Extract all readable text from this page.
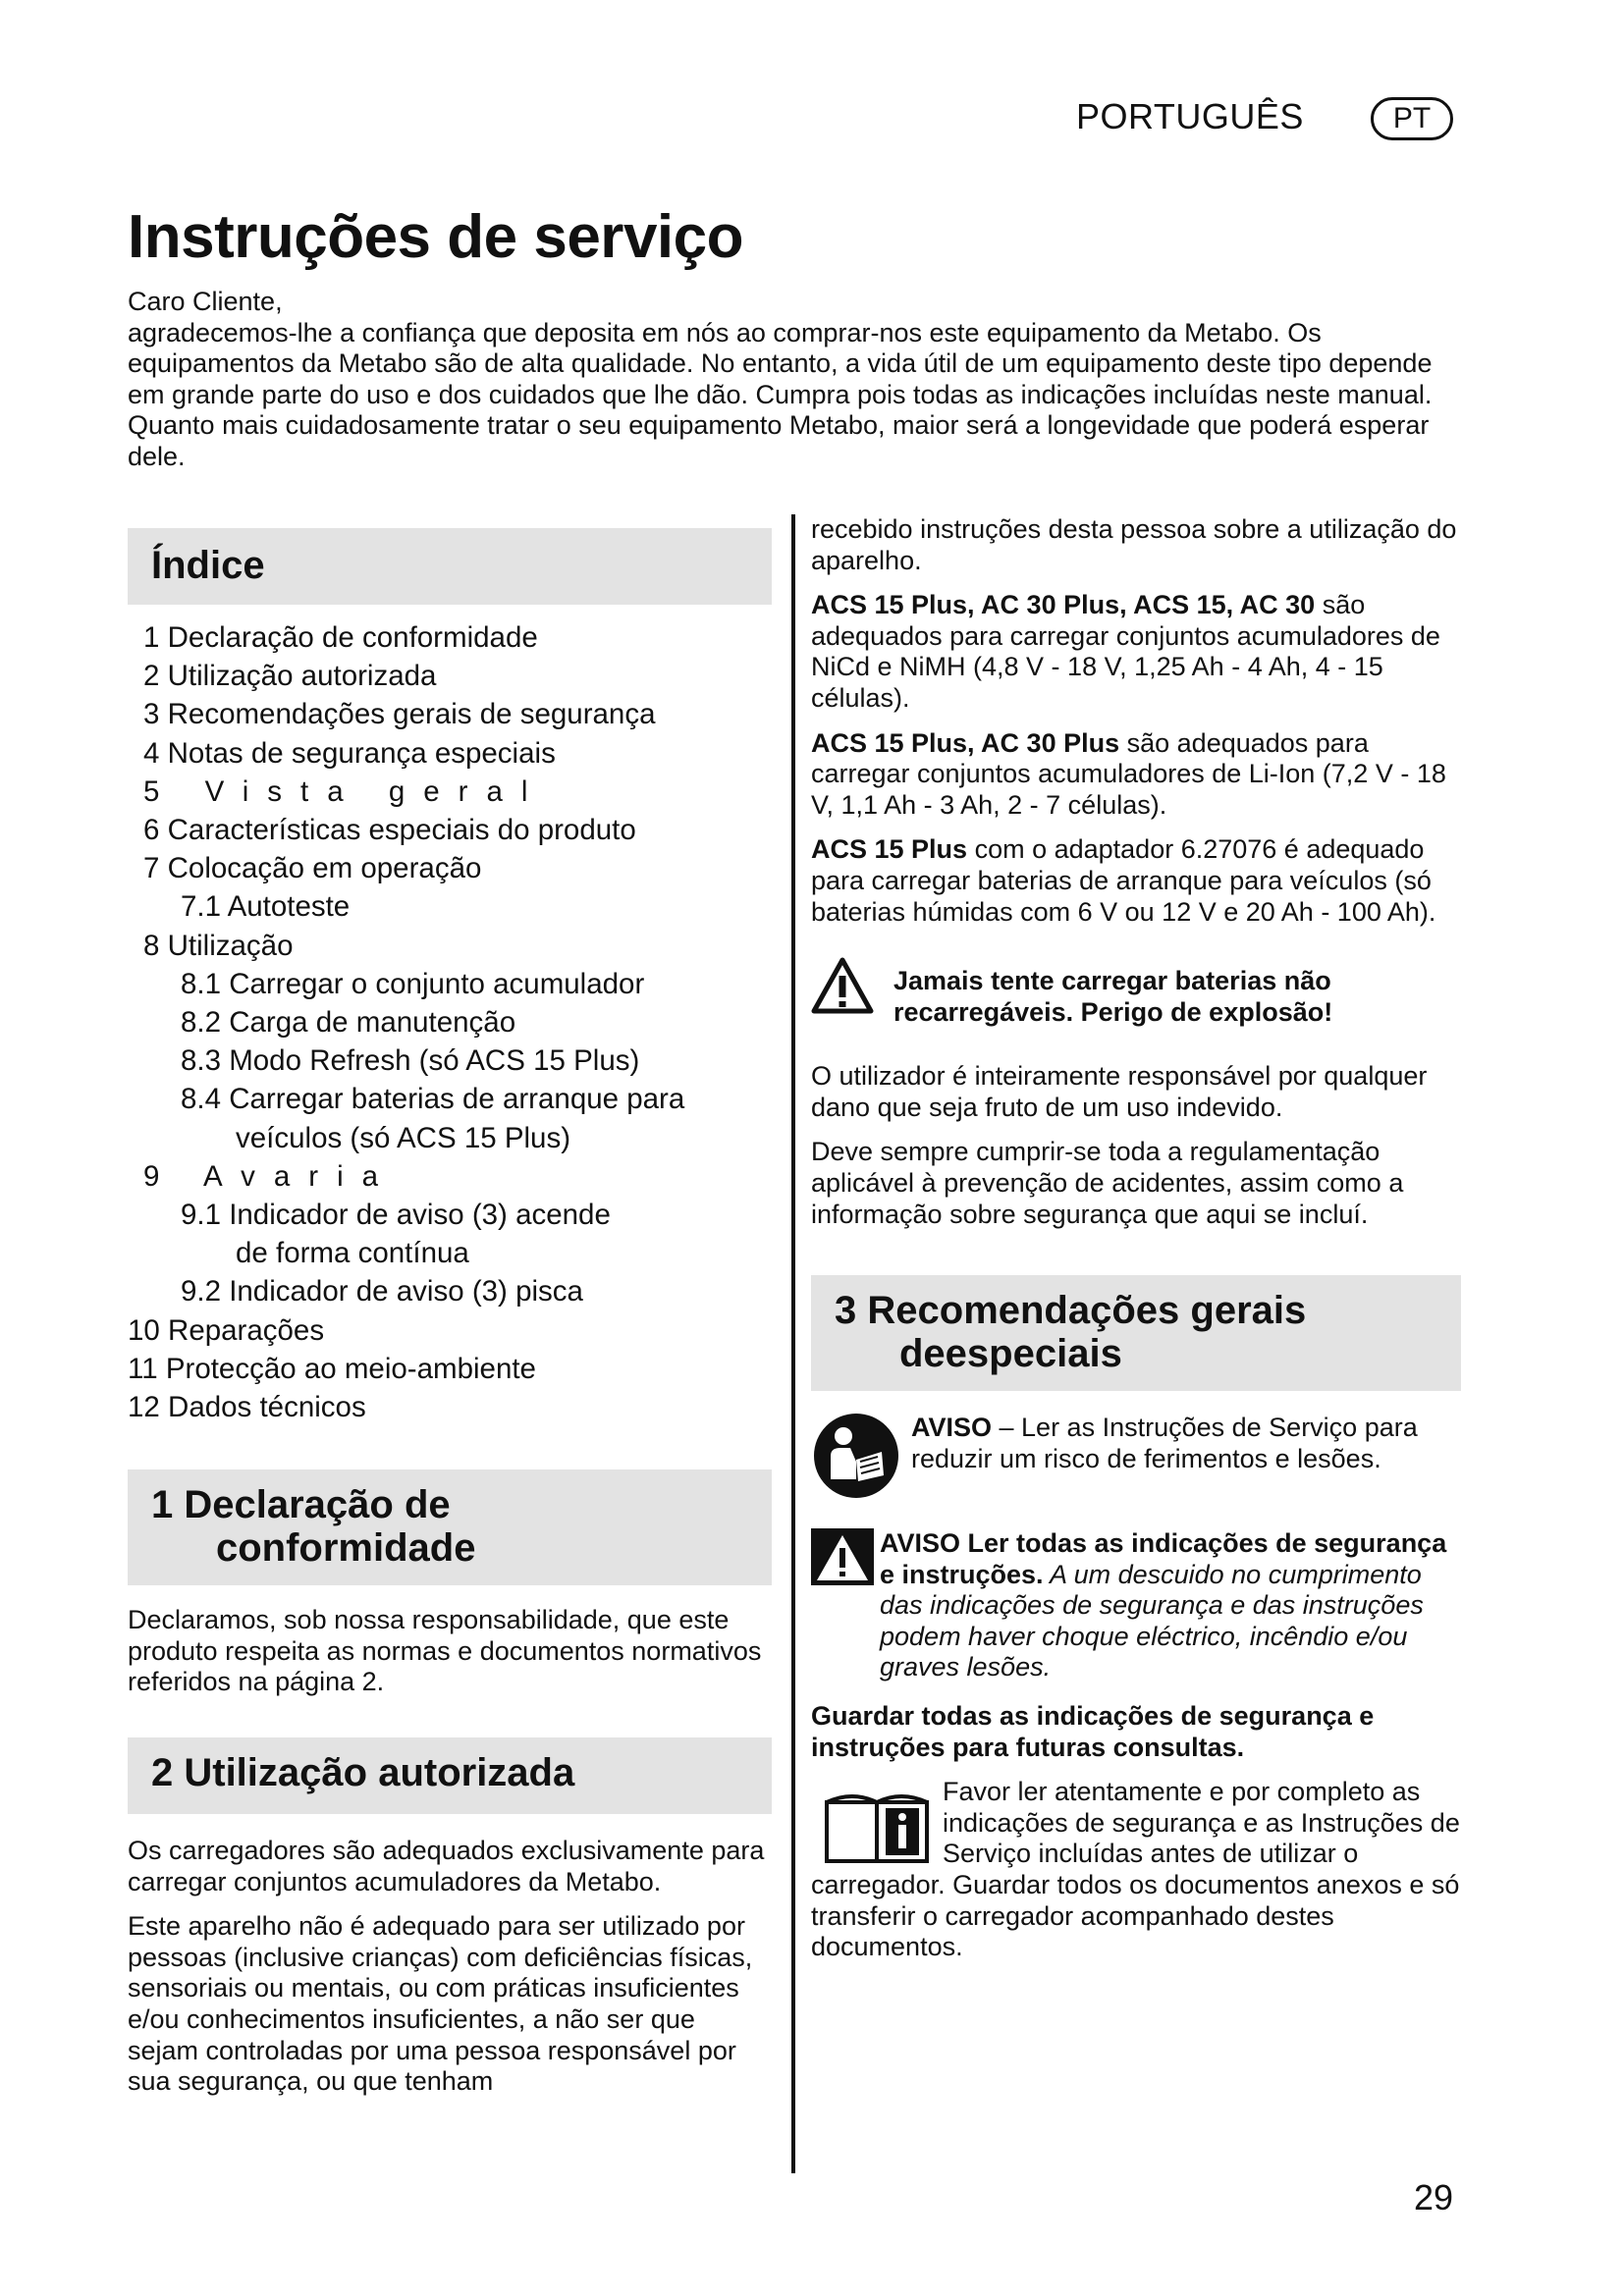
PORTUGUÊS	PT
Instruções de serviço

Caro Cliente,

agradecemos-lhe a confiança que deposita em nós ao comprar-nos este equipamento da Metabo. Os equipamentos da Metabo são de alta qualidade. No entanto, a vida útil de um equipamento deste tipo depende em grande parte do uso e dos cuidados que lhe dão. Cumpra pois todas as indicações incluídas neste manual. Quanto mais cuidadosamente tratar o seu equipamento Metabo, maior será a longevidade que poderá esperar dele.

Índice
1 Declaração de conformidade
2 Utilização autorizada
3 Recomendações gerais de segurança
4 Notas de segurança especiais
5 Vista geral
6 Características especiais do produto
7 Colocação em operação
7.1 Autoteste
8 Utilização
8.1 Carregar o conjunto acumulador
8.2 Carga de manutenção
8.3 Modo Refresh (só ACS 15 Plus)
8.4 Carregar baterias de arranque para
veículos (só ACS 15 Plus)
9 Avaria
9.1 Indicador de aviso (3) acende
de forma contínua
9.2 Indicador de aviso (3) pisca
10 Reparações
11 Protecção ao meio-ambiente
12 Dados técnicos
1 Declaração de
conformidade

Declaramos, sob nossa responsabilidade, que este produto respeita as normas e documentos normativos referidos na página 2.

2 Utilização autorizada

Os carregadores são adequados exclusivamente para carregar conjuntos acumuladores da Metabo.

Este aparelho não é adequado para ser utilizado por pessoas (inclusive crianças) com deficiências físicas, sensoriais ou mentais, ou com práticas insuficientes e/ou conhecimentos insuficientes, a não ser que sejam controladas por uma pessoa responsável por sua segurança, ou que tenham

recebido instruções desta pessoa sobre a utilização do aparelho.

ACS 15 Plus, AC 30 Plus, ACS 15, AC 30 são adequados para carregar conjuntos acumuladores de NiCd e NiMH (4,8 V - 18 V, 1,25 Ah - 4 Ah, 4 - 15 células).

ACS 15 Plus, AC 30 Plus são adequados para carregar conjuntos acumuladores de Li-Ion (7,2 V - 18 V, 1,1 Ah - 3 Ah, 2 - 7 células).

ACS 15 Plus com o adaptador 6.27076 é adequado para carregar baterias de arranque para veículos (só baterias húmidas com 6 V ou 12 V e 20 Ah - 100 Ah).

Jamais tente carregar baterias não recarregáveis. Perigo de explosão!

O utilizador é inteiramente responsável por qualquer dano que seja fruto de um uso indevido.

Deve sempre cumprir-se toda a regulamentação aplicável à prevenção de acidentes, assim como a informação sobre segurança que aqui se incluí.

3 Recomendações gerais
deespeciais
AVISO – Ler as Instruções de Serviço para reduzir um risco de ferimentos e lesões.
AVISO Ler todas as indicações de segurança e instruções. A um descuido no cumprimento das indicações de segurança e das instruções podem haver choque eléctrico, incêndio e/ou graves lesões.

Guardar todas as indicações de segurança e instruções para futuras consultas.

Favor ler atentamente e por completo as indicações de segurança e as Instruções de Serviço incluídas antes de utilizar o carregador. Guardar todos os documentos anexos e só transferir o carregador acompanhado destes documentos.

29
